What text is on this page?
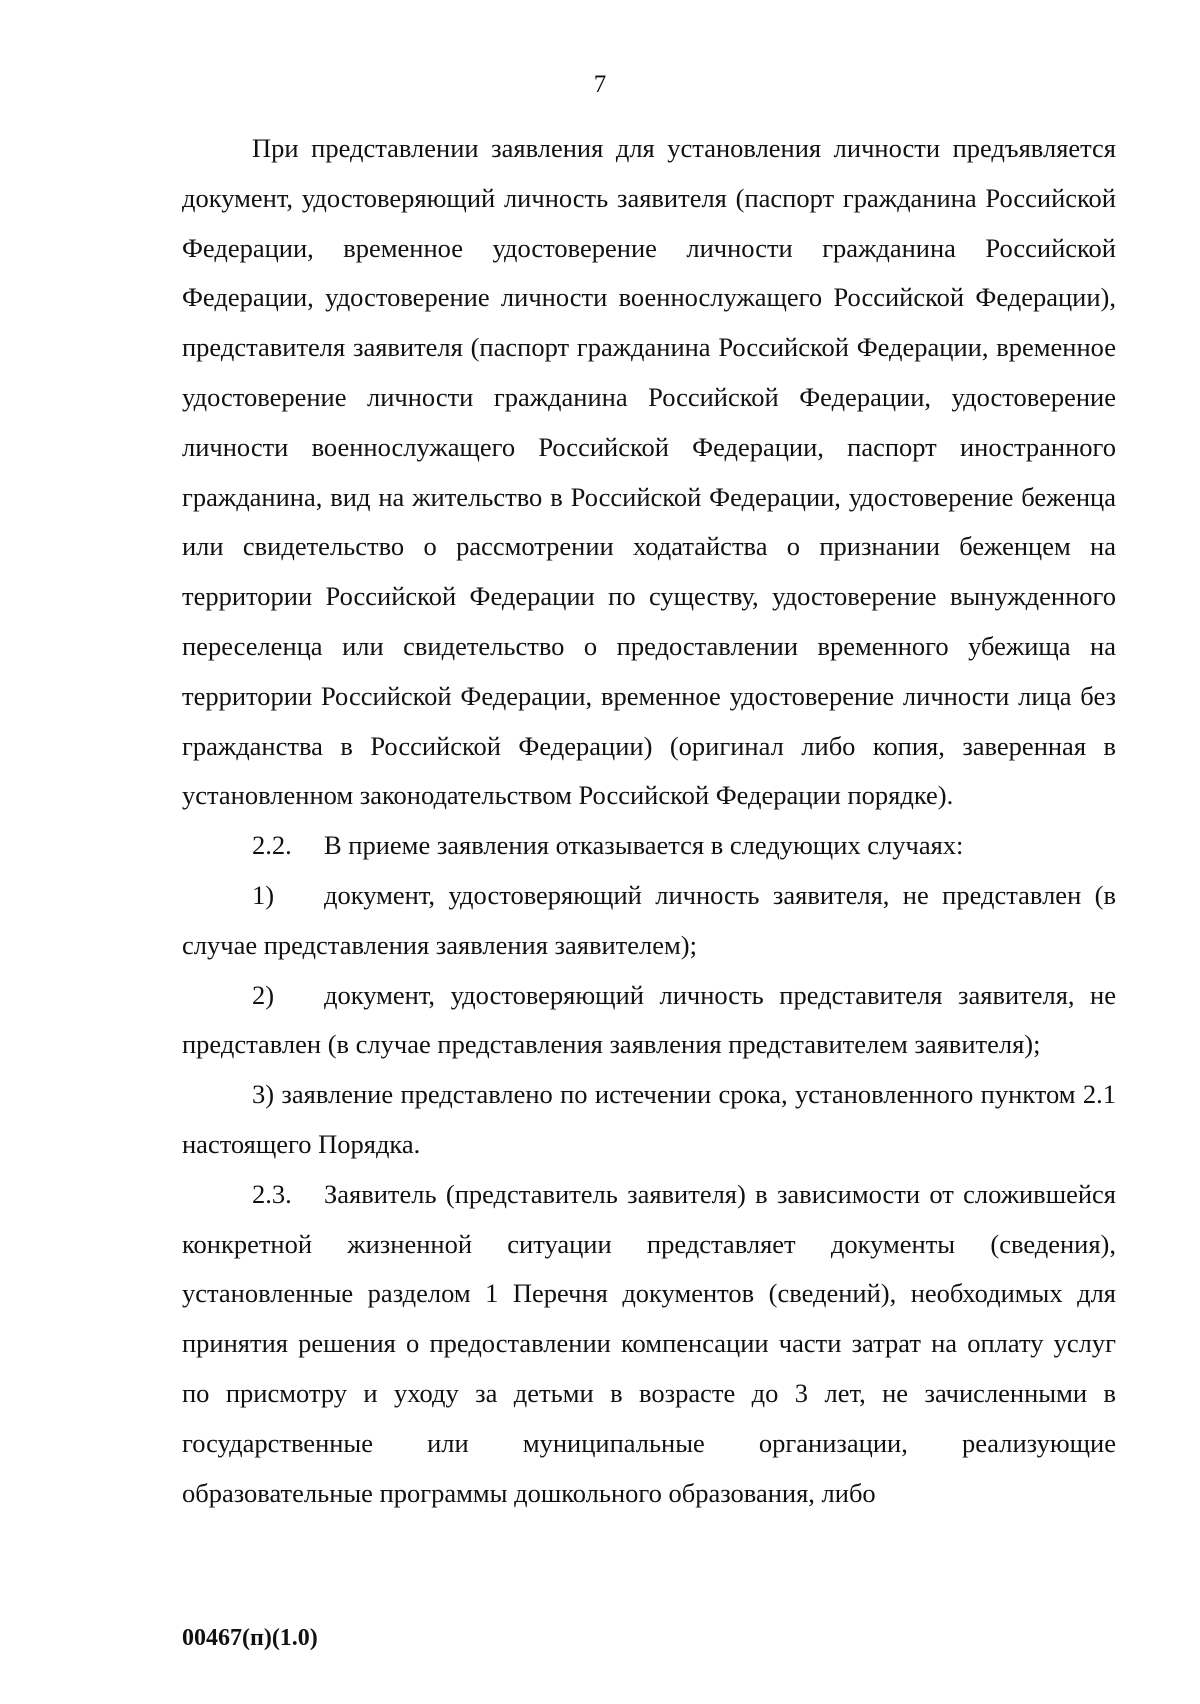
7

При представлении заявления для установления личности предъявляется документ, удостоверяющий личность заявителя (паспорт гражданина Российской Федерации, временное удостоверение личности гражданина Российской Федерации, удостоверение личности военнослужащего Российской Федерации), представителя заявителя (паспорт гражданина Российской Федерации, временное удостоверение личности гражданина Российской Федерации, удостоверение личности военнослужащего Российской Федерации, паспорт иностранного гражданина, вид на жительство в Российской Федерации, удостоверение беженца или свидетельство о рассмотрении ходатайства о признании беженцем на территории Российской Федерации по существу, удостоверение вынужденного переселенца или свидетельство о предоставлении временного убежища на территории Российской Федерации, временное удостоверение личности лица без гражданства в Российской Федерации) (оригинал либо копия, заверенная в установленном законодательством Российской Федерации порядке).

2.2. В приеме заявления отказывается в следующих случаях:

1) документ, удостоверяющий личность заявителя, не представлен (в случае представления заявления заявителем);

2) документ, удостоверяющий личность представителя заявителя, не представлен (в случае представления заявления представителем заявителя);

3) заявление представлено по истечении срока, установленного пунктом 2.1 настоящего Порядка.

2.3. Заявитель (представитель заявителя) в зависимости от сложившейся конкретной жизненной ситуации представляет документы (сведения), установленные разделом 1 Перечня документов (сведений), необходимых для принятия решения о предоставлении компенсации части затрат на оплату услуг по присмотру и уходу за детьми в возрасте до 3 лет, не зачисленными в государственные или муниципальные организации, реализующие образовательные программы дошкольного образования, либо

00467(п)(1.0)
